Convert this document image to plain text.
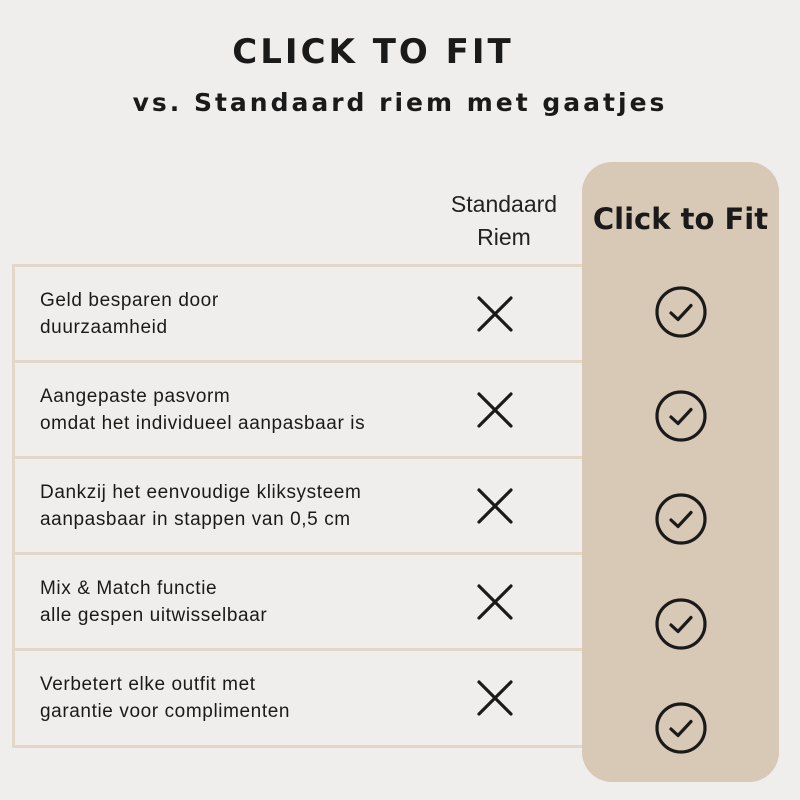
CLICK TO FIT
vs. Standaard riem met gaatjes
Standaard
Riem
Click to Fit
Geld besparen door
duurzaamheid
Aangepaste pasvorm
omdat het individueel aanpasbaar is
Dankzij het eenvoudige kliksysteem
aanpasbaar in stappen van 0,5 cm
Mix & Match functie
alle gespen uitwisselbaar
Verbetert elke outfit met
garantie voor complimenten
